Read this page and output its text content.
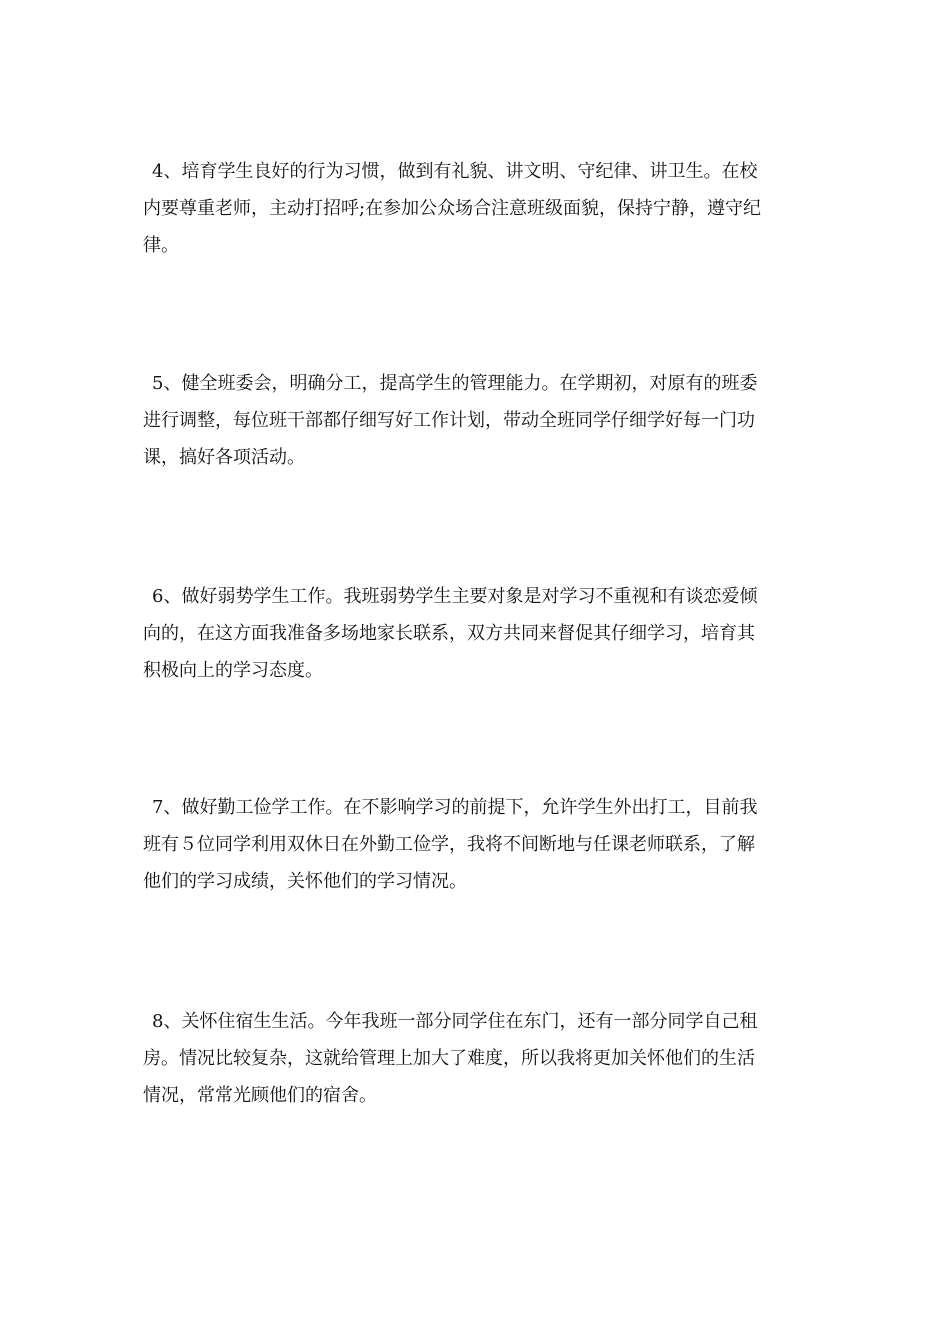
4、培育学生良好的行为习惯，做到有礼貌、讲文明、守纪律、讲卫生。在校
内要尊重老师，主动打招呼;在参加公众场合注意班级面貌，保持宁静，遵守纪
律。

5、健全班委会，明确分工，提高学生的管理能力。在学期初，对原有的班委
进行调整，每位班干部都仔细写好工作计划，带动全班同学仔细学好每一门功
课，搞好各项活动。

6、做好弱势学生工作。我班弱势学生主要对象是对学习不重视和有谈恋爱倾
向的，在这方面我准备多场地家长联系，双方共同来督促其仔细学习，培育其
积极向上的学习态度。

7、做好勤工俭学工作。在不影响学习的前提下，允许学生外出打工，目前我
班有５位同学利用双休日在外勤工俭学，我将不间断地与任课老师联系，了解
他们的学习成绩，关怀他们的学习情况。

8、关怀住宿生生活。今年我班一部分同学住在东门，还有一部分同学自己租
房。情况比较复杂，这就给管理上加大了难度，所以我将更加关怀他们的生活
情况，常常光顾他们的宿舍。
